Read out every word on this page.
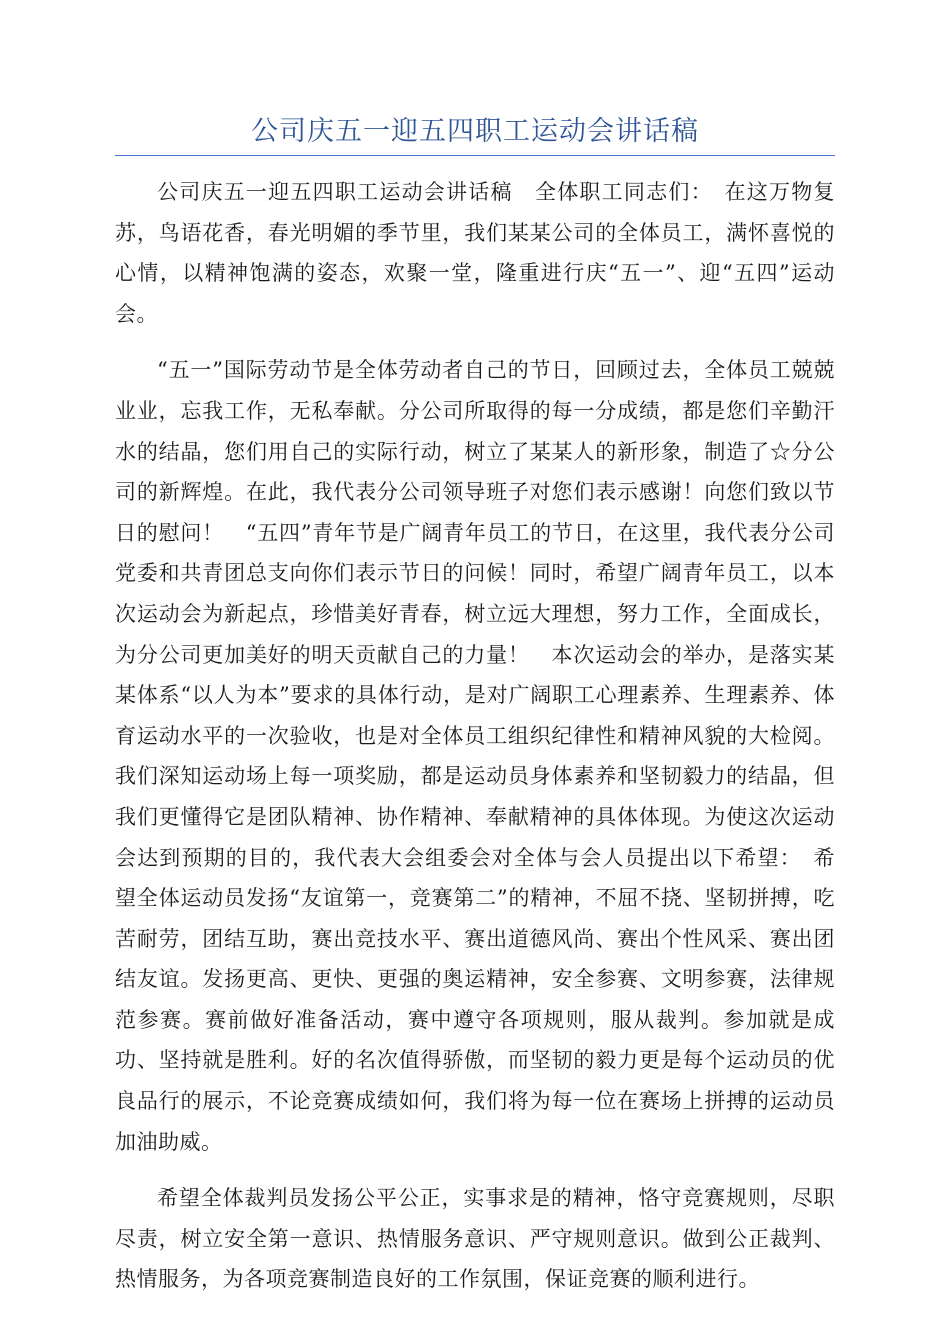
公司庆五一迎五四职工运动会讲话稿

公司庆五一迎五四职工运动会讲话稿　全体职工同志们：　在这万物复苏，鸟语花香，春光明媚的季节里，我们某某公司的全体员工，满怀喜悦的心情，以精神饱满的姿态，欢聚一堂，隆重进行庆“五一”、迎“五四”运动会。

“五一”国际劳动节是全体劳动者自己的节日，回顾过去，全体员工兢兢业业，忘我工作，无私奉献。分公司所取得的每一分成绩，都是您们辛勤汗水的结晶，您们用自己的实际行动，树立了某某人的新形象，制造了☆分公司的新辉煌。在此，我代表分公司领导班子对您们表示感谢！向您们致以节日的慰问！　“五四”青年节是广阔青年员工的节日，在这里，我代表分公司党委和共青团总支向你们表示节日的问候！同时，希望广阔青年员工，以本次运动会为新起点，珍惜美好青春，树立远大理想，努力工作，全面成长，为分公司更加美好的明天贡献自己的力量！　本次运动会的举办，是落实某某体系“以人为本”要求的具体行动，是对广阔职工心理素养、生理素养、体育运动水平的一次验收，也是对全体员工组织纪律性和精神风貌的大检阅。我们深知运动场上每一项奖励，都是运动员身体素养和坚韧毅力的结晶，但我们更懂得它是团队精神、协作精神、奉献精神的具体体现。为使这次运动会达到预期的目的，我代表大会组委会对全体与会人员提出以下希望：　希望全体运动员发扬“友谊第一，竞赛第二”的精神，不屈不挠、坚韧拼搏，吃苦耐劳，团结互助，赛出竞技水平、赛出道德风尚、赛出个性风采、赛出团结友谊。发扬更高、更快、更强的奥运精神，安全参赛、文明参赛，法律规范参赛。赛前做好准备活动，赛中遵守各项规则，服从裁判。参加就是成功、坚持就是胜利。好的名次值得骄傲，而坚韧的毅力更是每个运动员的优良品行的展示，不论竞赛成绩如何，我们将为每一位在赛场上拼搏的运动员加油助威。

希望全体裁判员发扬公平公正，实事求是的精神，恪守竞赛规则，尽职尽责，树立安全第一意识、热情服务意识、严守规则意识。做到公正裁判、热情服务，为各项竞赛制造良好的工作氛围，保证竞赛的顺利进行。
